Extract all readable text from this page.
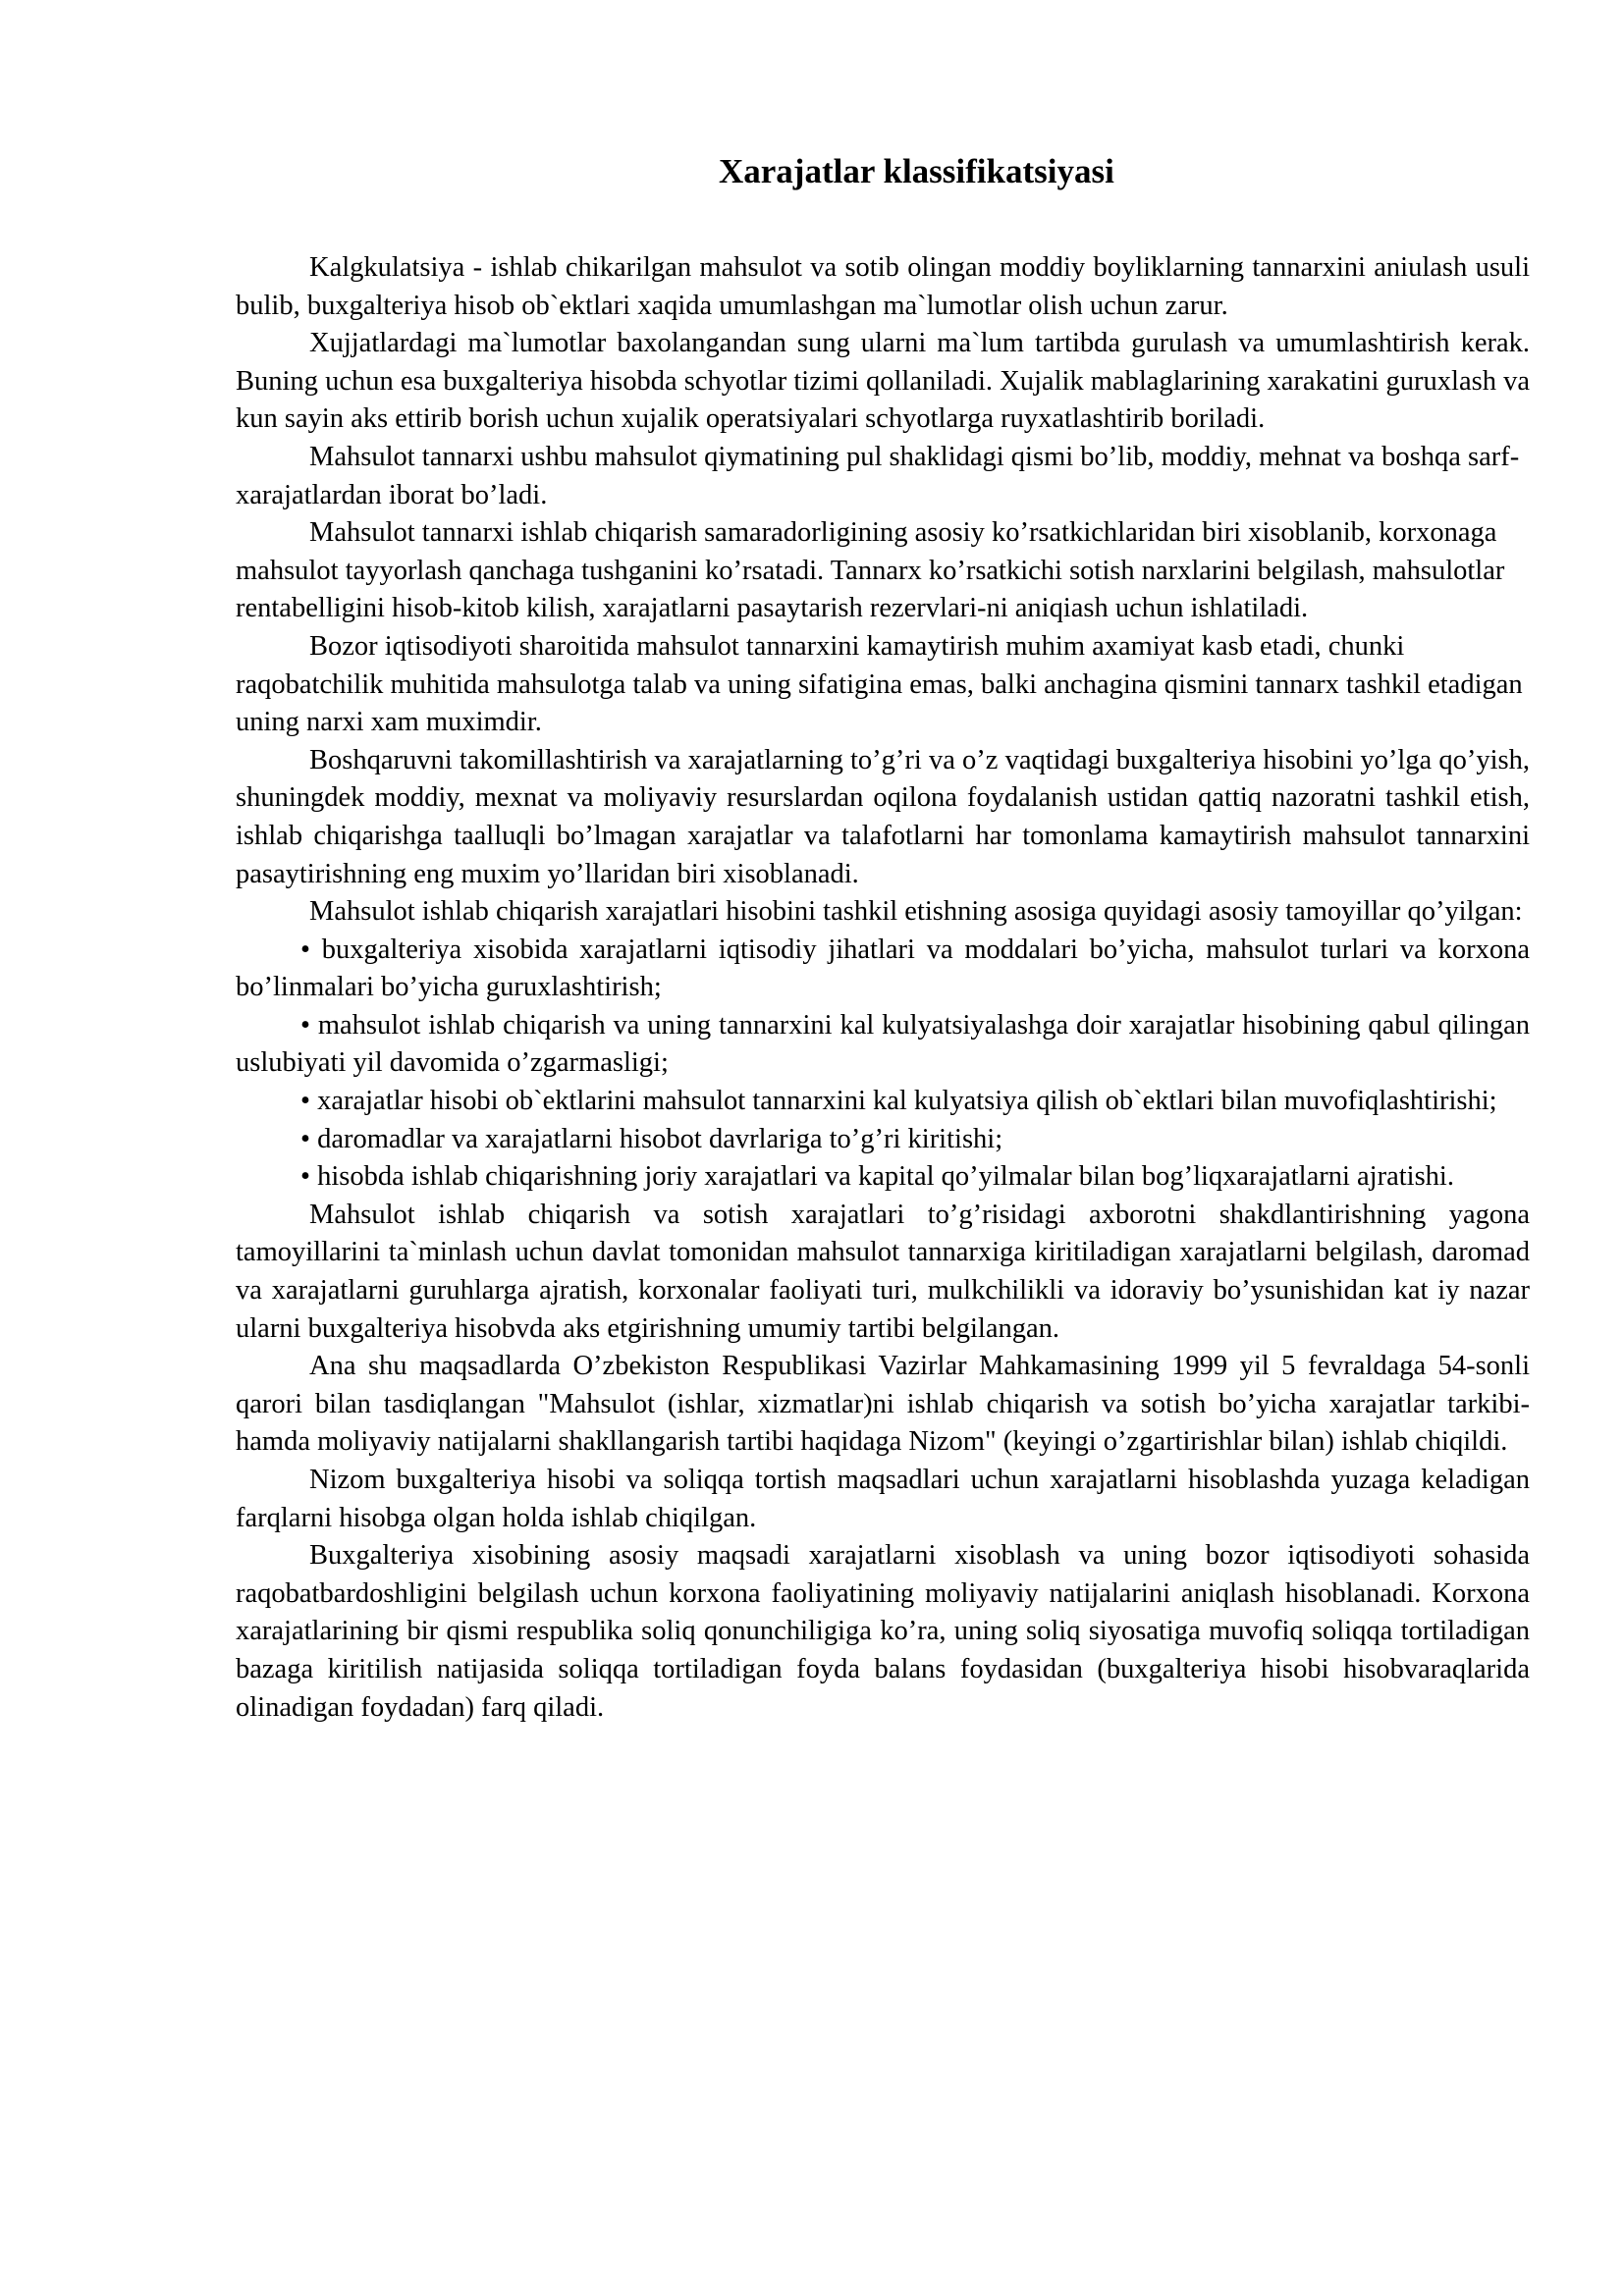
Xarajatlar klassifikatsiyasi

Kalgkulatsiya - ishlab chikarilgan mahsulot va sotib olingan moddiy boyliklarning tannarxini aniulash usuli bulib, buxgalteriya hisob ob`ektlari xaqida umumlashgan ma`lumotlar olish uchun zarur.

Xujjatlardagi ma`lumotlar baxolangandan sung ularni ma`lum tartibda gurulash va umumlashtirish kerak. Buning uchun esa buxgalteriya hisobda schyotlar tizimi qollaniladi. Xujalik mablaglarining xarakatini guruxlash va kun sayin aks ettirib borish uchun xujalik operatsiyalari schyotlarga ruyxatlashtirib boriladi.

Mahsulot tannarxi ushbu mahsulot qiymatining pul shaklidagi qismi bo’lib, moddiy, mehnat va boshqa sarf-xarajatlardan iborat bo’ladi.

Mahsulot tannarxi ishlab chiqarish samaradorligining asosiy ko’rsatkichlaridan biri xisoblanib, korxonaga mahsulot tayyorlash qanchaga tushganini ko’rsatadi. Tannarx ko’rsatkichi sotish narxlarini belgilash, mahsulotlar rentabelligini hisob-kitob kilish, xarajatlarni pasaytarish rezervlari-ni aniqiash uchun ishlatiladi.

Bozor iqtisodiyoti sharoitida mahsulot tannarxini kamaytirish muhim axamiyat kasb etadi, chunki raqobatchilik muhitida mahsulotga talab va uning sifatigina emas, balki anchagina qismini tannarx tashkil etadigan uning narxi xam muximdir.

Boshqaruvni takomillashtirish va xarajatlarning to’g’ri va o’z vaqtidagi buxgalteriya hisobini yo’lga qo’yish, shuningdek moddiy, mexnat va moliyaviy resurslardan oqilona foydalanish ustidan qattiq nazoratni tashkil etish, ishlab chiqarishga taalluqli bo’lmagan xarajatlar va talafotlarni har tomonlama kamaytirish mahsulot tannarxini pasaytirishning eng muxim yo’llaridan biri xisoblanadi.

Mahsulot ishlab chiqarish xarajatlari hisobini tashkil etishning asosiga quyidagi asosiy tamoyillar qo’yilgan:

• buxgalteriya xisobida xarajatlarni iqtisodiy jihatlari va moddalari bo’yicha, mahsulot turlari va korxona bo’linmalari bo’yicha guruxlashtirish;

• mahsulot ishlab chiqarish va uning tannarxini kal kulyatsiyalashga doir xarajatlar hisobining qabul qilingan uslubiyati yil davomida o’zgarmasligi;

• xarajatlar hisobi ob`ektlarini mahsulot tannarxini kal kulyatsiya qilish ob`ektlari bilan muvofiqlashtirishi;

• daromadlar va xarajatlarni hisobot davrlariga to’g’ri kiritishi;

• hisobda ishlab chiqarishning joriy xarajatlari va kapital qo’yilmalar bilan bog’liqxarajatlarni ajratishi.

Mahsulot ishlab chiqarish va sotish xarajatlari to’g’risidagi axborotni shakdlantirishning yagona tamoyillarini ta`minlash uchun davlat tomonidan mahsulot tannarxiga kiritiladigan xarajatlarni belgilash, daromad va xarajatlarni guruhlarga ajratish, korxonalar faoliyati turi, mulkchilikli va idoraviy bo’ysunishidan kat iy nazar ularni buxgalteriya hisobvda aks etgirishning umumiy tartibi belgilangan.

Ana shu maqsadlarda O’zbekiston Respublikasi Vazirlar Mahkamasining 1999 yil 5 fevraldaga 54-sonli qarori bilan tasdiqlangan "Mahsulot (ishlar, xizmatlar)ni ishlab chiqarish va sotish bo’yicha xarajatlar tarkibi-hamda moliyaviy natijalarni shakllangarish tartibi haqidaga Nizom" (keyingi o’zgartirishlar bilan) ishlab chiqildi.

Nizom buxgalteriya hisobi va soliqqa tortish maqsadlari uchun xarajatlarni hisoblashda yuzaga keladigan farqlarni hisobga olgan holda ishlab chiqilgan.

Buxgalteriya xisobining asosiy maqsadi xarajatlarni xisoblash va uning bozor iqtisodiyoti sohasida raqobatbardoshligini belgilash uchun korxona faoliyatining moliyaviy natijalarini aniqlash hisoblanadi. Korxona xarajatlarining bir qismi respublika soliq qonunchiligiga ko’ra, uning soliq siyosatiga muvofiq soliqqa tortiladigan bazaga kiritilish natijasida soliqqa tortiladigan foyda balans foydasidan (buxgalteriya hisobi hisobvaraqlarida olinadigan foydadan) farq qiladi.
